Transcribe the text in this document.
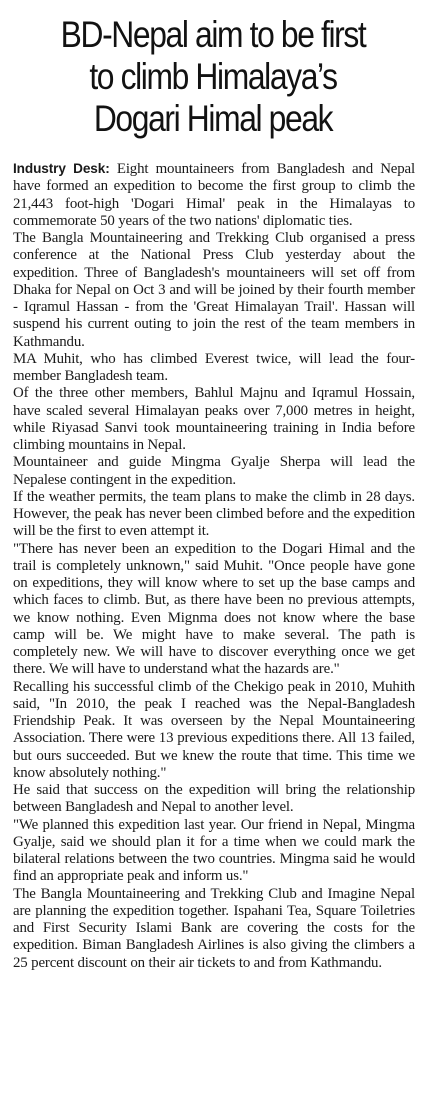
BD-Nepal aim to be first
to climb Himalaya’s
Dogari Himal peak

Industry Desk: Eight mountaineers from Bangladesh and Nepal have formed an expedition to become the first group to climb the 21,443 foot-high 'Dogari Himal' peak in the Himalayas to commemorate 50 years of the two nations' diplomatic ties.

The Bangla Mountaineering and Trekking Club organised a press conference at the National Press Club yesterday about the expedition. Three of Bangladesh's mountaineers will set off from Dhaka for Nepal on Oct 3 and will be joined by their fourth member - Iqramul Hassan - from the 'Great Himalayan Trail'. Hassan will suspend his current outing to join the rest of the team members in Kathmandu.

MA Muhit, who has climbed Everest twice, will lead the four-member Bangladesh team.

Of the three other members, Bahlul Majnu and Iqramul Hossain, have scaled several Himalayan peaks over 7,000 metres in height, while Riyasad Sanvi took mountaineering training in India before climbing mountains in Nepal.

Mountaineer and guide Mingma Gyalje Sherpa will lead the Nepalese contingent in the expedition.

If the weather permits, the team plans to make the climb in 28 days. However, the peak has never been climbed before and the expedition will be the first to even attempt it.

"There has never been an expedition to the Dogari Himal and the trail is completely unknown," said Muhit. "Once people have gone on expeditions, they will know where to set up the base camps and which faces to climb. But, as there have been no previous attempts, we know nothing. Even Mignma does not know where the base camp will be. We might have to make several. The path is completely new. We will have to discover everything once we get there. We will have to understand what the hazards are."

Recalling his successful climb of the Chekigo peak in 2010, Muhith said, "In 2010, the peak I reached was the Nepal-Bangladesh Friendship Peak. It was overseen by the Nepal Mountaineering Association. There were 13 previous expeditions there. All 13 failed, but ours succeeded. But we knew the route that time. This time we know absolutely nothing."

He said that success on the expedition will bring the relationship between Bangladesh and Nepal to another level.

"We planned this expedition last year. Our friend in Nepal, Mingma Gyalje, said we should plan it for a time when we could mark the bilateral relations between the two countries. Mingma said he would find an appropriate peak and inform us."

The Bangla Mountaineering and Trekking Club and Imagine Nepal are planning the expedition together. Ispahani Tea, Square Toiletries and First Security Islami Bank are covering the costs for the expedition. Biman Bangladesh Airlines is also giving the climbers a 25 percent discount on their air tickets to and from Kathmandu.
